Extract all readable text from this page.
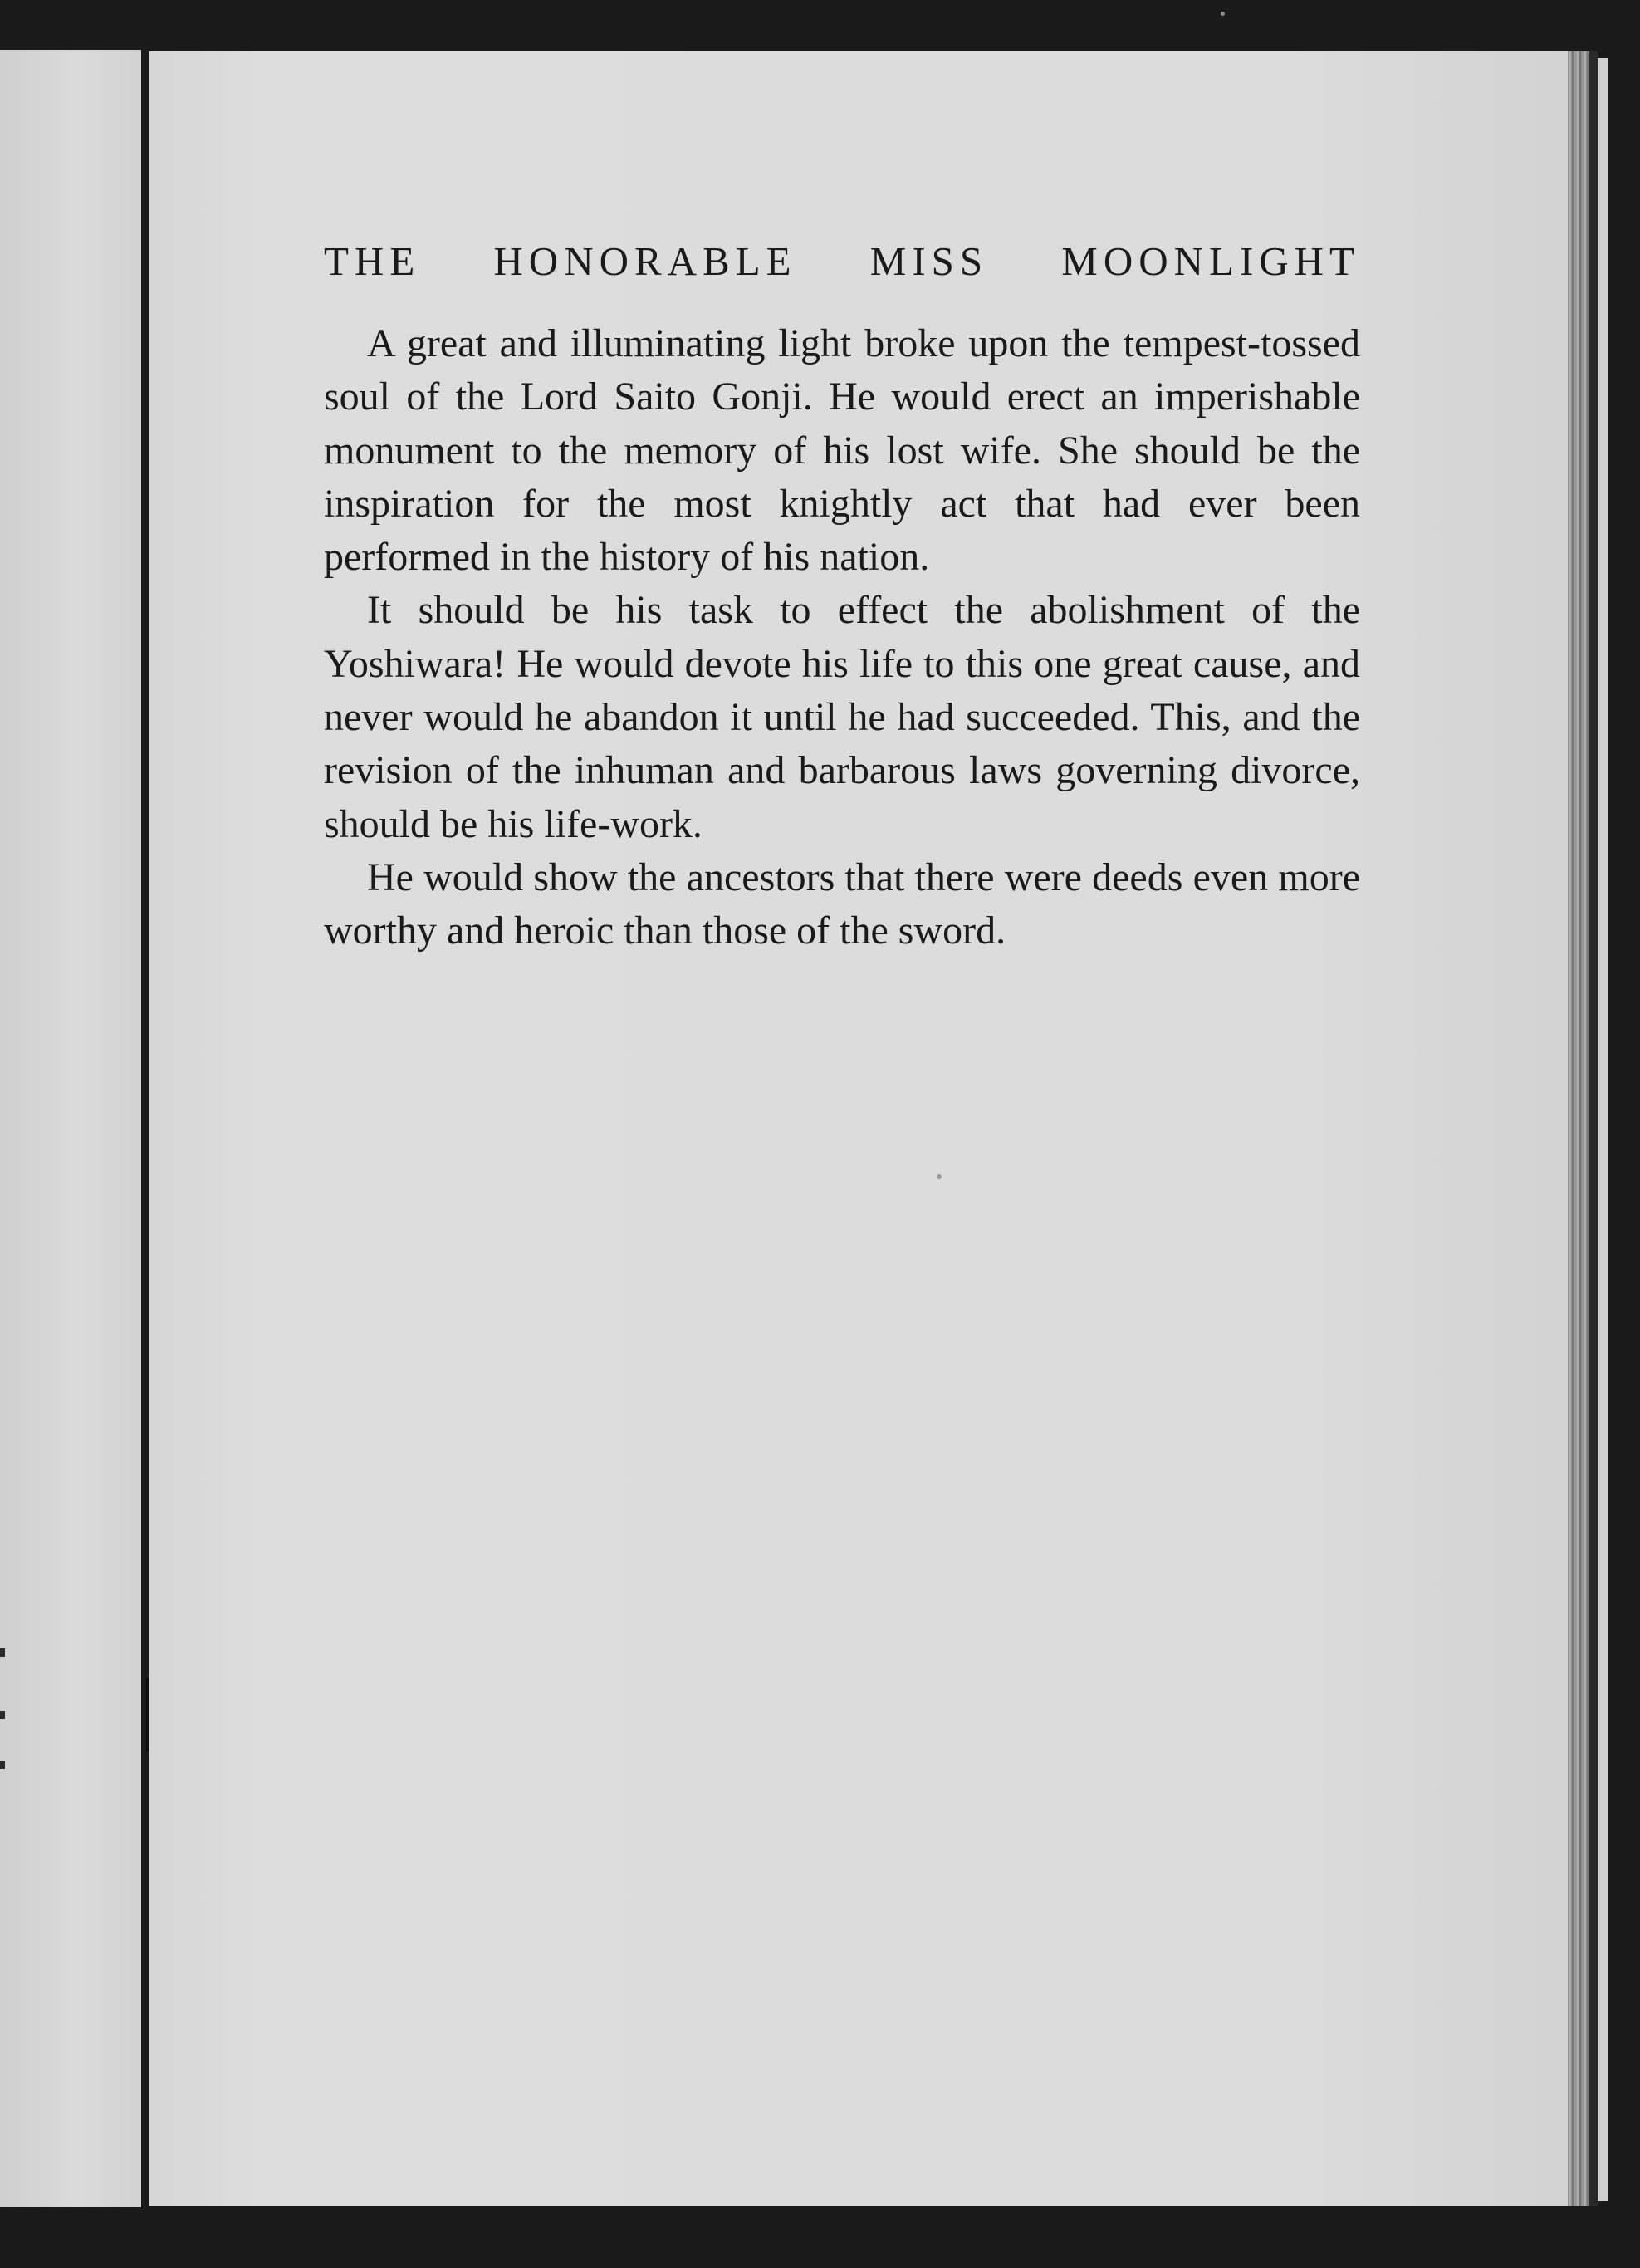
THE HONORABLE MISS MOONLIGHT

A great and illuminating light broke upon the tempest-tossed soul of the Lord Saito Gonji. He would erect an imperishable monument to the memory of his lost wife. She should be the inspiration for the most knightly act that had ever been performed in the history of his nation.

It should be his task to effect the abolishment of the Yoshiwara! He would devote his life to this one great cause, and never would he abandon it until he had succeeded. This, and the revision of the inhuman and barbarous laws governing divorce, should be his life-work.

He would show the ancestors that there were deeds even more worthy and heroic than those of the sword.
